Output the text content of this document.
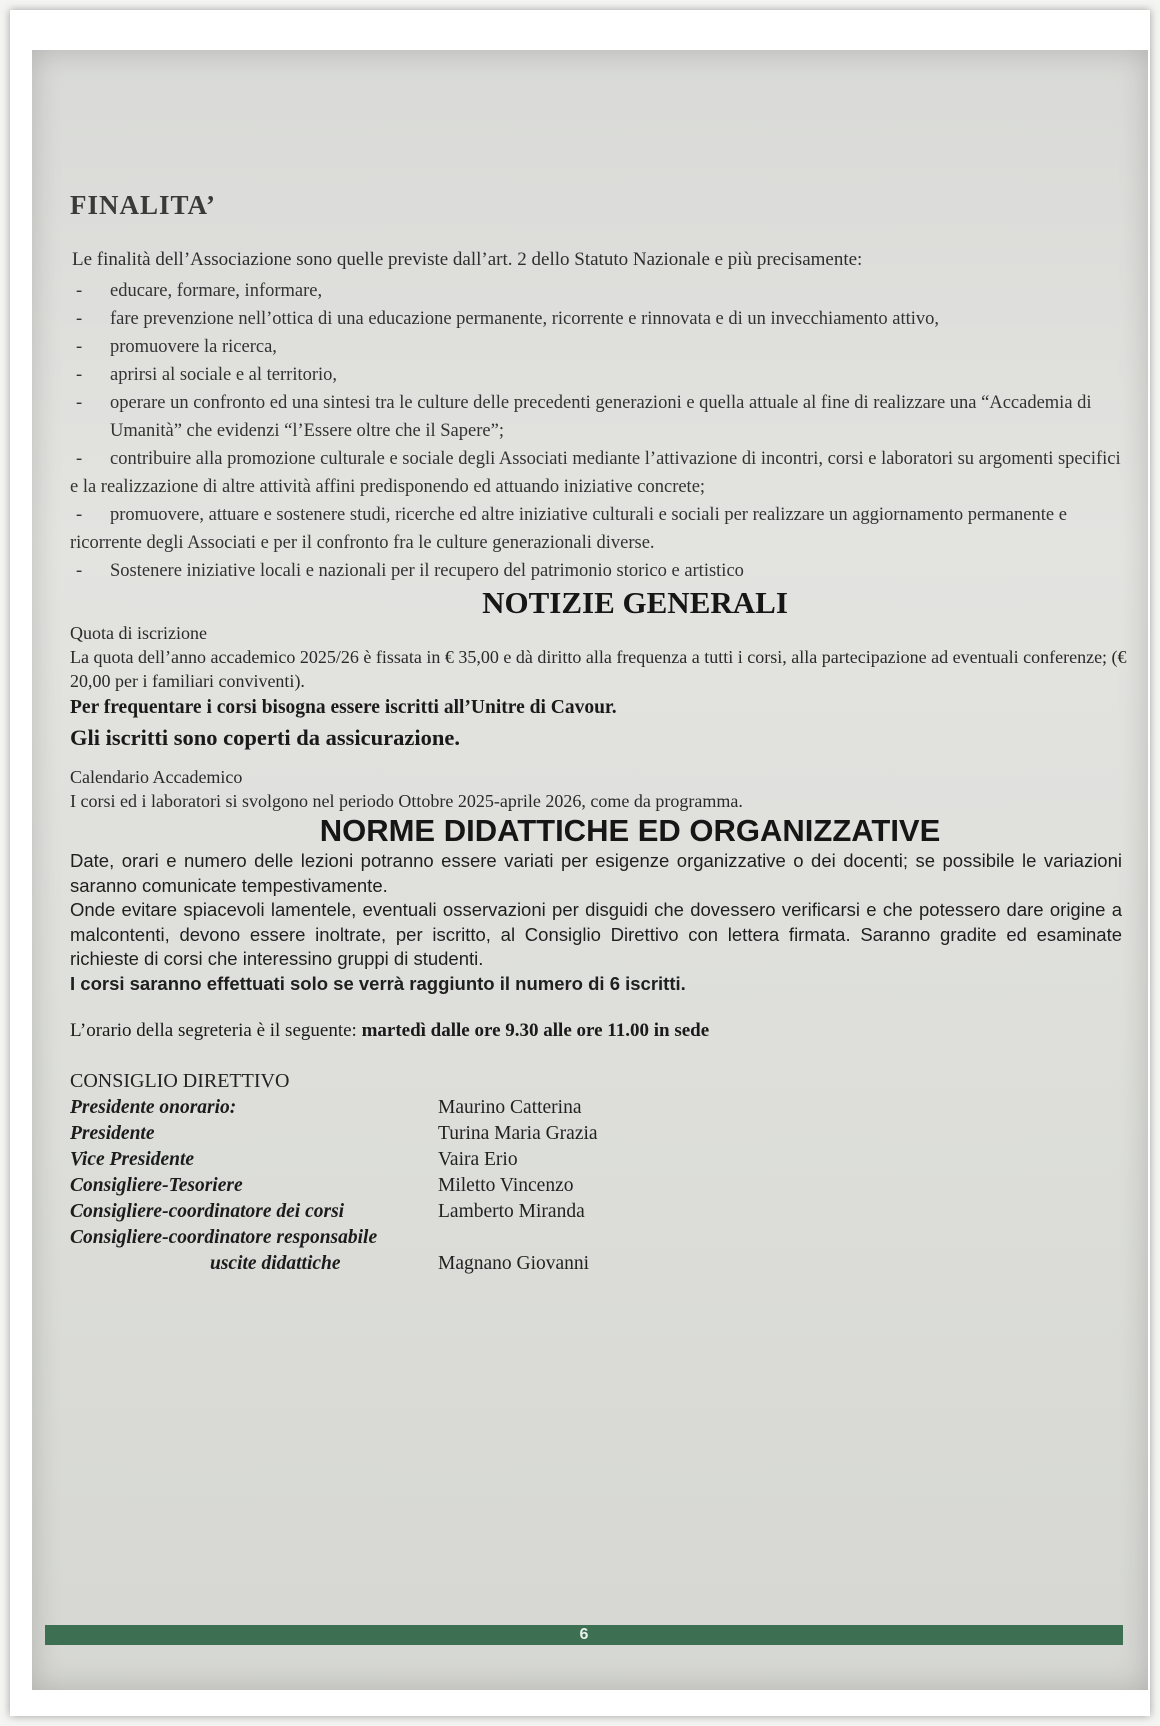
FINALITA’

Le finalità dell’Associazione sono quelle previste dall’art. 2 dello Statuto Nazionale e più precisamente:

- educare, formare, informare,
- fare prevenzione nell’ottica di una educazione permanente, ricorrente e rinnovata e di un invecchiamento attivo,
- promuovere la ricerca,
- aprirsi al sociale e al territorio,
- operare un confronto ed una sintesi tra le culture delle precedenti generazioni e quella attuale al fine di realizzare una “Accademia di Umanità” che evidenzi “l’Essere oltre che il Sapere”;
- contribuire alla promozione culturale e sociale degli Associati mediante l’attivazione di incontri, corsi e laboratori su argomenti specifici e la realizzazione di altre attività affini predisponendo ed attuando iniziative concrete;
- promuovere, attuare e sostenere studi, ricerche ed altre iniziative culturali e sociali per realizzare un aggiornamento permanente e ricorrente degli Associati e per il confronto fra le culture generazionali diverse.
- Sostenere iniziative locali e nazionali per il recupero del patrimonio storico e artistico
NOTIZIE GENERALI

Quota di iscrizione

La quota dell’anno accademico 2025/26 è fissata in € 35,00 e dà diritto alla frequenza a tutti i corsi, alla partecipazione ad eventuali conferenze; (€ 20,00 per i familiari conviventi).

Per frequentare i corsi bisogna essere iscritti all’Unitre di Cavour.

Gli iscritti sono coperti da assicurazione.

Calendario Accademico

I corsi ed i laboratori si svolgono nel periodo Ottobre 2025-aprile 2026, come da programma.

NORME DIDATTICHE ED ORGANIZZATIVE

Date, orari e numero delle lezioni potranno essere variati per esigenze organizzative o dei docenti; se possibile le variazioni saranno comunicate tempestivamente.

Onde evitare spiacevoli lamentele, eventuali osservazioni per disguidi che dovessero verificarsi e che potessero dare origine a malcontenti, devono essere inoltrate, per iscritto, al Consiglio Direttivo con lettera firmata. Saranno gradite ed esaminate richieste di corsi che interessino gruppi di studenti.

I corsi saranno effettuati solo se verrà raggiunto il numero di 6 iscritti.

L’orario della segreteria è il seguente: martedì dalle ore 9.30 alle ore 11.00 in sede

CONSIGLIO DIRETTIVO
Presidente onorario:	Maurino Catterina
Presidente	Turina Maria Grazia
Vice Presidente	Vaira Erio
Consigliere-Tesoriere	Miletto Vincenzo
Consigliere-coordinatore dei corsi	Lamberto Miranda
Consigliere-coordinatore responsabile
uscite didattiche	Magnano Giovanni
6
